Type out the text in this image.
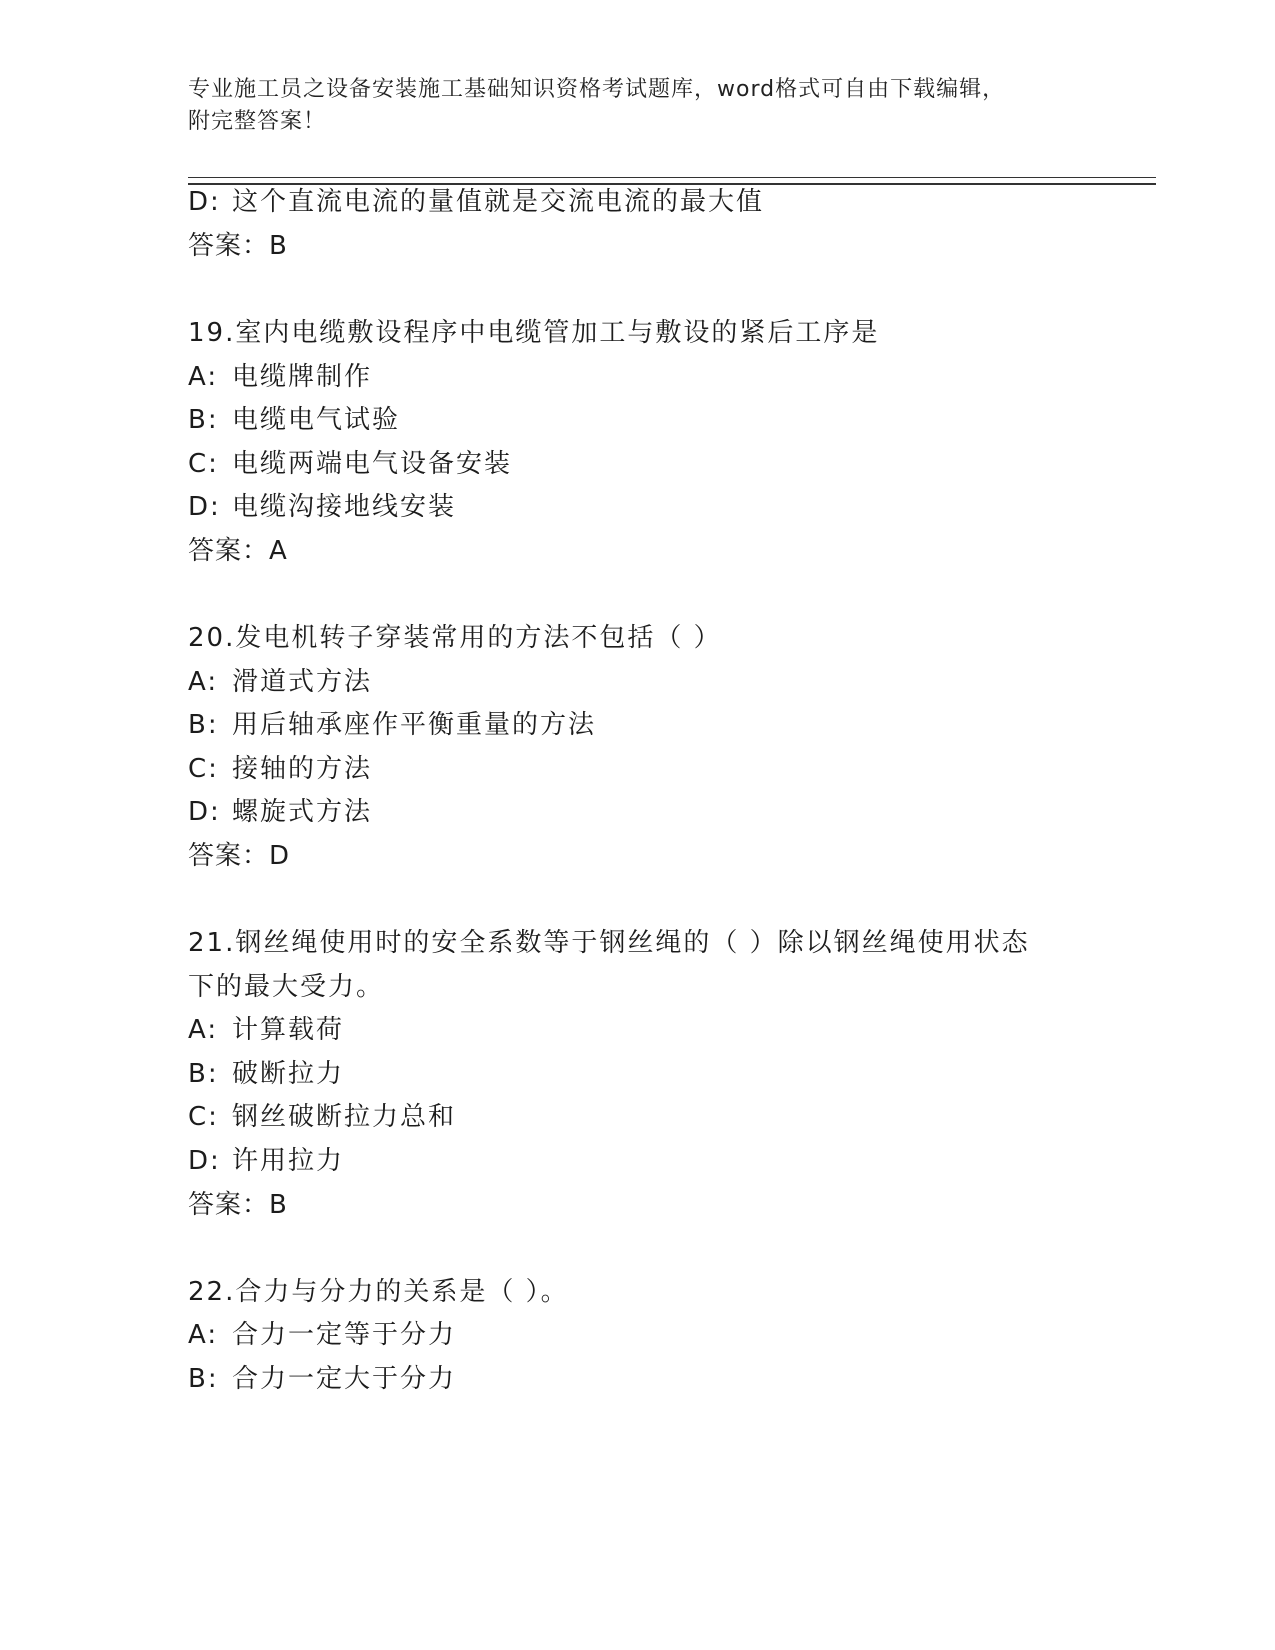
专业施工员之设备安装施工基础知识资格考试题库，word格式可自由下载编辑，
附完整答案！
D: 这个直流电流的量值就是交流电流的最大值
答案：B
19.室内电缆敷设程序中电缆管加工与敷设的紧后工序是
A: 电缆牌制作
B: 电缆电气试验
C: 电缆两端电气设备安装
D: 电缆沟接地线安装
答案：A
20.发电机转子穿装常用的方法不包括（ ）
A: 滑道式方法
B: 用后轴承座作平衡重量的方法
C: 接轴的方法
D: 螺旋式方法
答案：D
21.钢丝绳使用时的安全系数等于钢丝绳的（ ）除以钢丝绳使用状态
下的最大受力。
A: 计算载荷
B: 破断拉力
C: 钢丝破断拉力总和
D: 许用拉力
答案：B
22.合力与分力的关系是（ ）。
A: 合力一定等于分力
B: 合力一定大于分力
